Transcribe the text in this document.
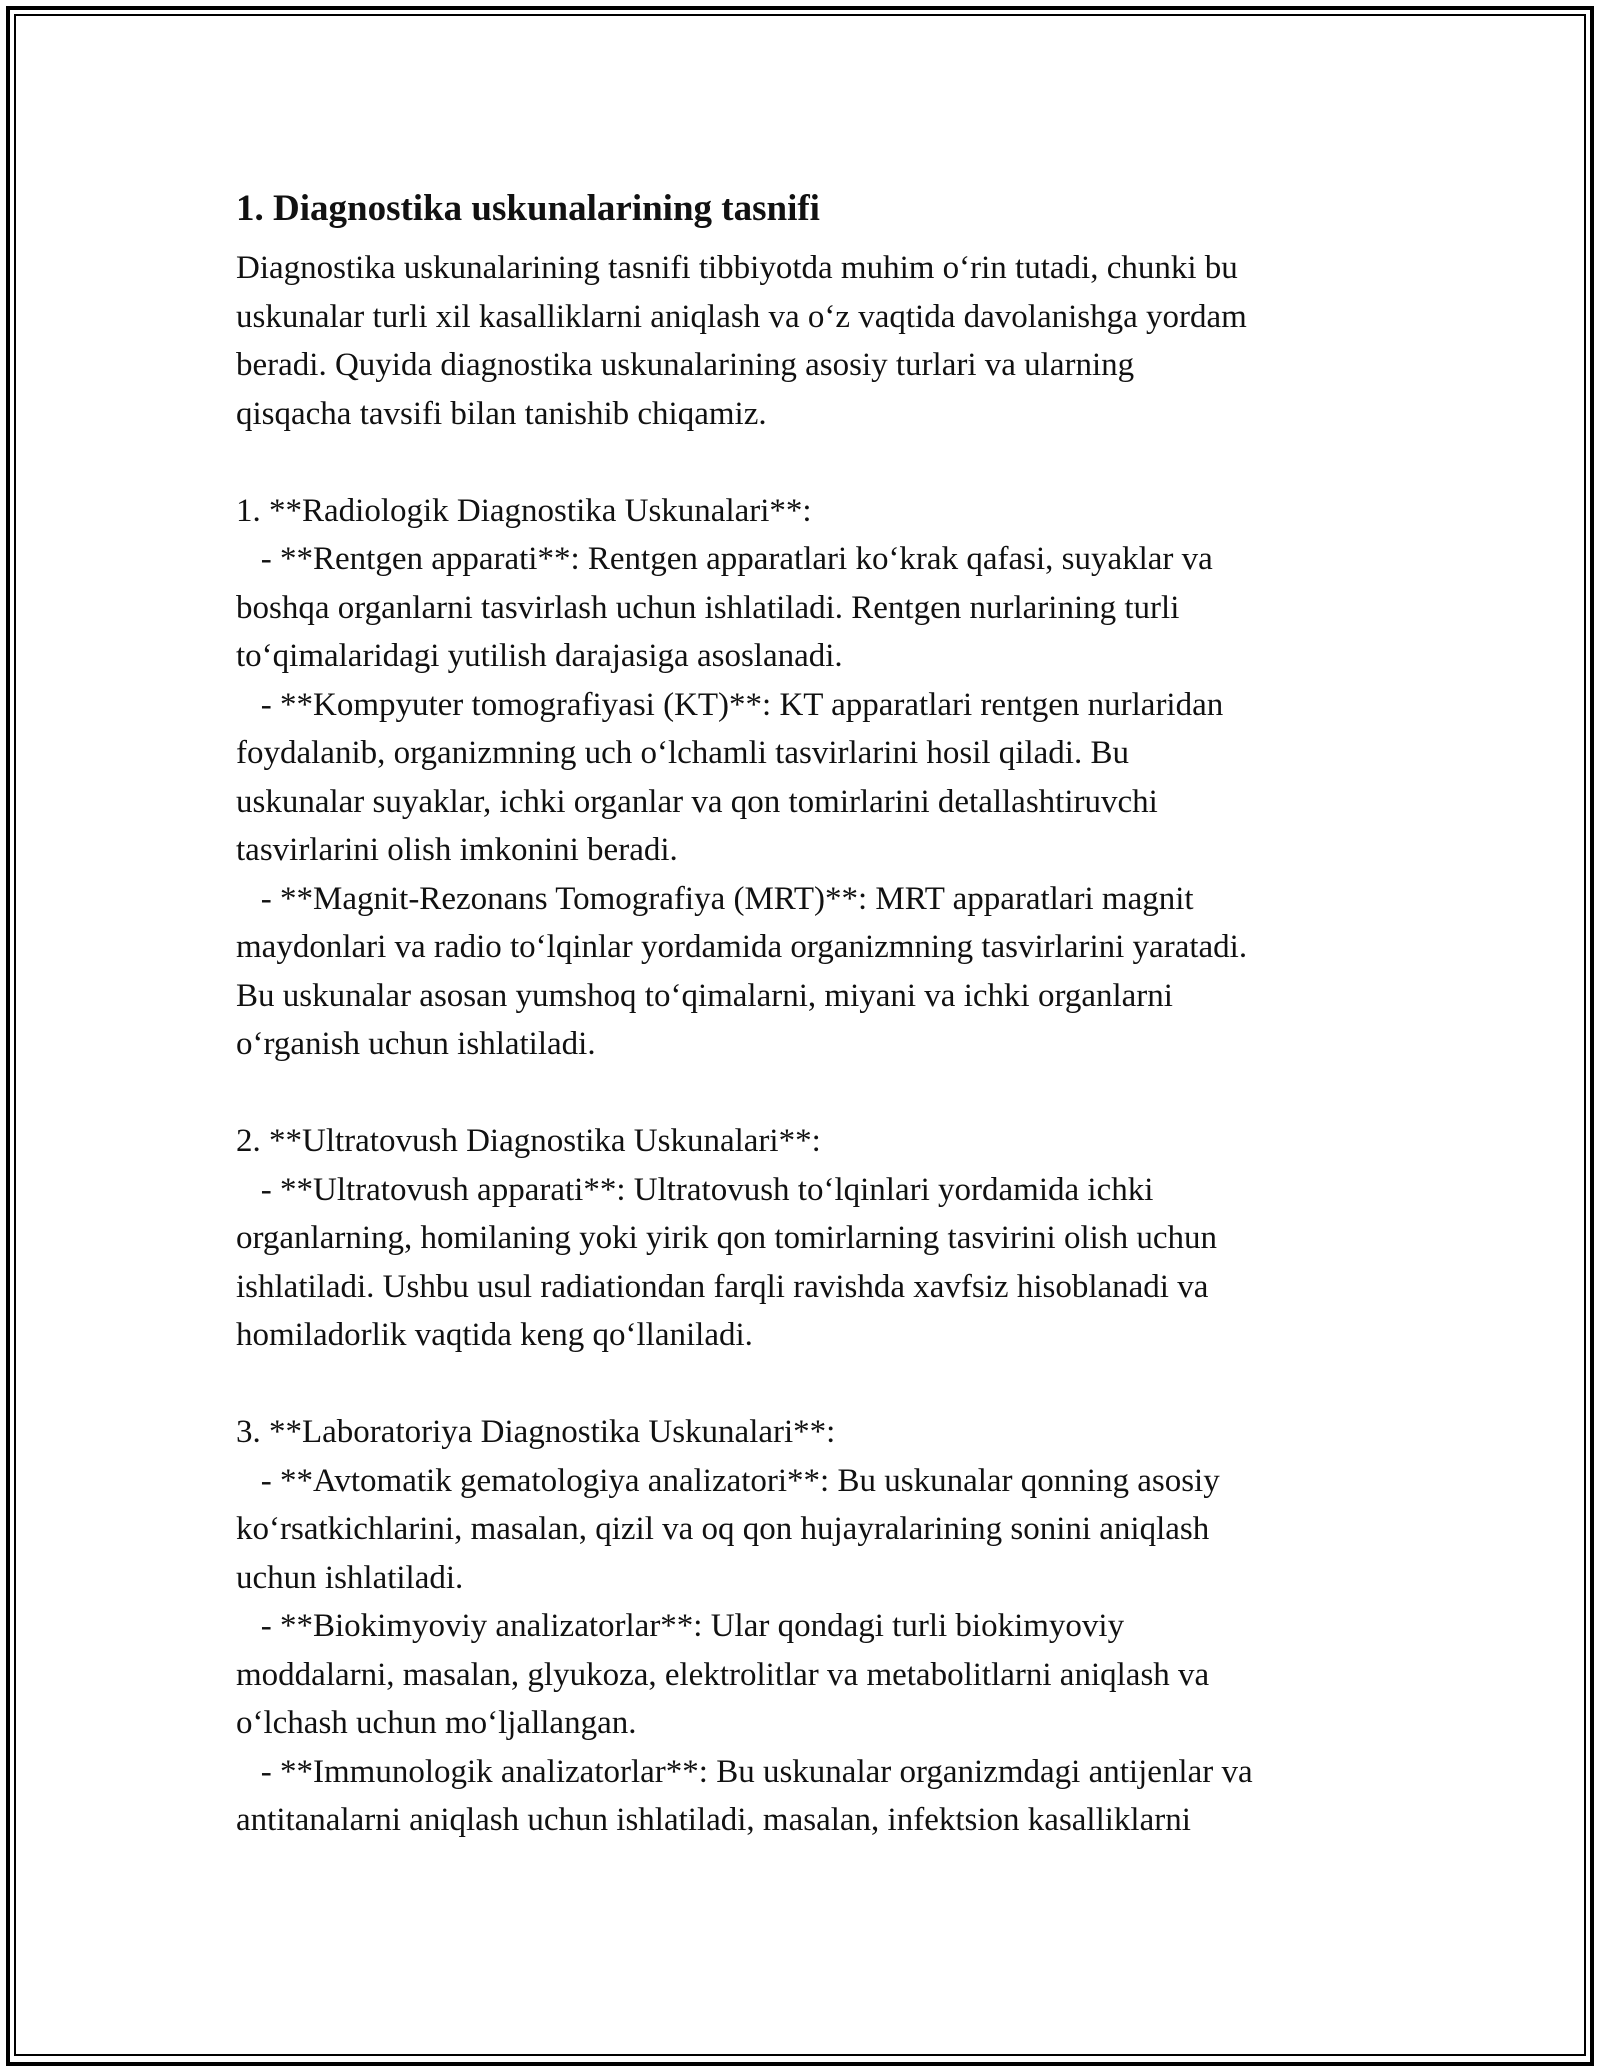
1. Diagnostika uskunalarining tasnifi
Diagnostika uskunalarining tasnifi tibbiyotda muhim o‘rin tutadi, chunki bu
uskunalar turli xil kasalliklarni aniqlash va o‘z vaqtida davolanishga yordam
beradi. Quyida diagnostika uskunalarining asosiy turlari va ularning
qisqacha tavsifi bilan tanishib chiqamiz.
1. **Radiologik Diagnostika Uskunalari**:
- **Rentgen apparati**: Rentgen apparatlari ko‘krak qafasi, suyaklar va
boshqa organlarni tasvirlash uchun ishlatiladi. Rentgen nurlarining turli
to‘qimalaridagi yutilish darajasiga asoslanadi.
- **Kompyuter tomografiyasi (KT)**: KT apparatlari rentgen nurlaridan
foydalanib, organizmning uch o‘lchamli tasvirlarini hosil qiladi. Bu
uskunalar suyaklar, ichki organlar va qon tomirlarini detallashtiruvchi
tasvirlarini olish imkonini beradi.
- **Magnit-Rezonans Tomografiya (MRT)**: MRT apparatlari magnit
maydonlari va radio to‘lqinlar yordamida organizmning tasvirlarini yaratadi.
Bu uskunalar asosan yumshoq to‘qimalarni, miyani va ichki organlarni
o‘rganish uchun ishlatiladi.
2. **Ultratovush Diagnostika Uskunalari**:
- **Ultratovush apparati**: Ultratovush to‘lqinlari yordamida ichki
organlarning, homilaning yoki yirik qon tomirlarning tasvirini olish uchun
ishlatiladi. Ushbu usul radiationdan farqli ravishda xavfsiz hisoblanadi va
homiladorlik vaqtida keng qo‘llaniladi.
3. **Laboratoriya Diagnostika Uskunalari**:
- **Avtomatik gematologiya analizatori**: Bu uskunalar qonning asosiy
ko‘rsatkichlarini, masalan, qizil va oq qon hujayralarining sonini aniqlash
uchun ishlatiladi.
- **Biokimyoviy analizatorlar**: Ular qondagi turli biokimyoviy
moddalarni, masalan, glyukoza, elektrolitlar va metabolitlarni aniqlash va
o‘lchash uchun mo‘ljallangan.
- **Immunologik analizatorlar**: Bu uskunalar organizmdagi antijenlar va
antitanalarni aniqlash uchun ishlatiladi, masalan, infektsion kasalliklarni
